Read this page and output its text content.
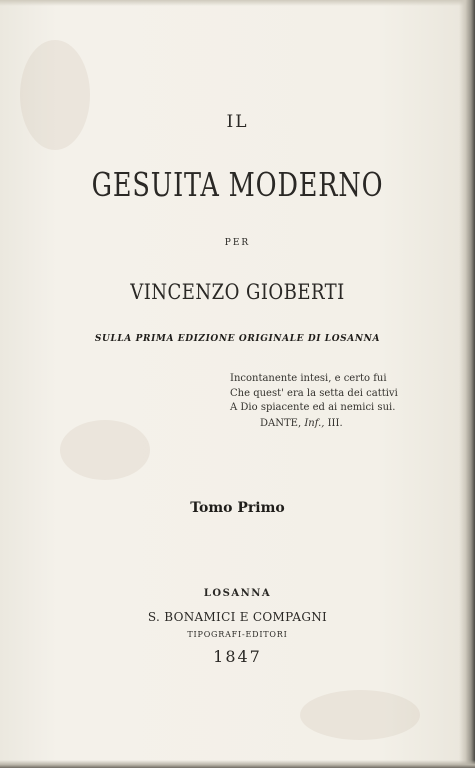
IL
GESUITA MODERNO
PER
VINCENZO GIOBERTI
SULLA PRIMA EDIZIONE ORIGINALE DI LOSANNA
Incontanente intesi, e certo fui
Che quest' era la setta dei cattivi
A Dio spiacente ed ai nemici sui.
DANTE, Inf., III.
Tomo Primo
LOSANNA
S. BONAMICI E COMPAGNI
TIPOGRAFI-EDITORI
1847
